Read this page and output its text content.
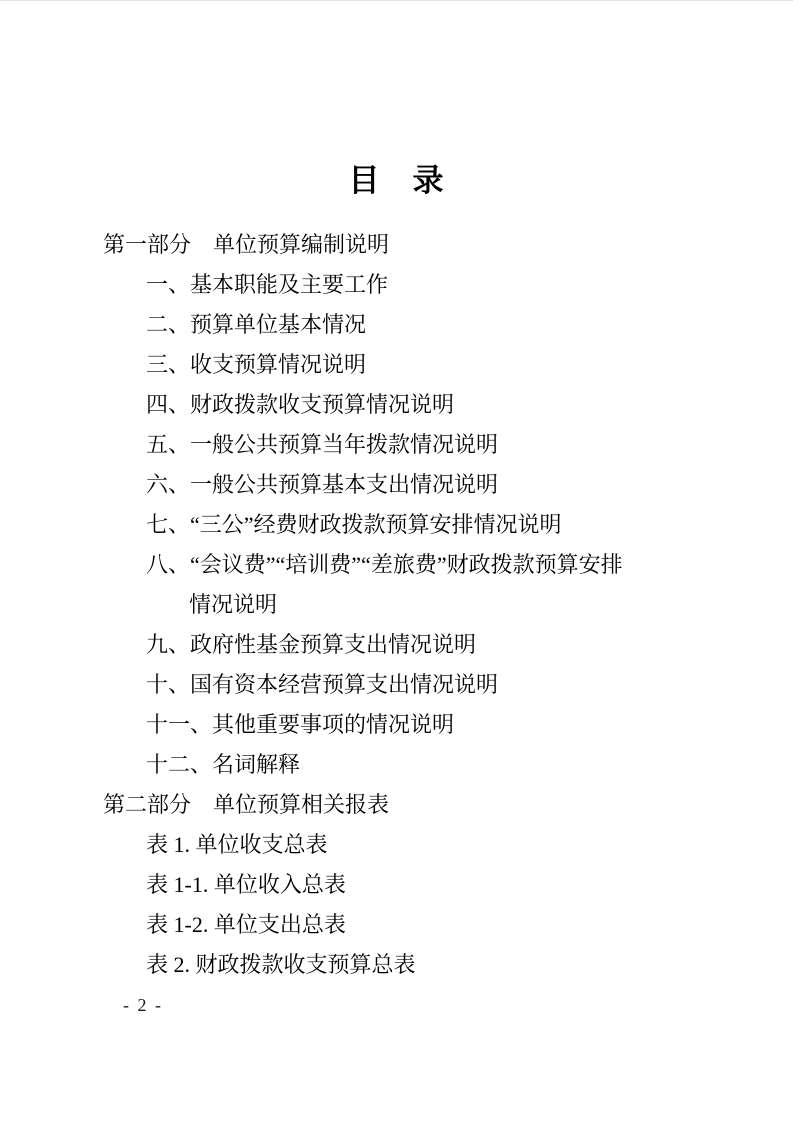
目　录
第一部分　单位预算编制说明
一、基本职能及主要工作
二、预算单位基本情况
三、收支预算情况说明
四、财政拨款收支预算情况说明
五、一般公共预算当年拨款情况说明
六、一般公共预算基本支出情况说明
七、“三公”经费财政拨款预算安排情况说明
八、“会议费”“培训费”“差旅费”财政拨款预算安排
情况说明
九、政府性基金预算支出情况说明
十、国有资本经营预算支出情况说明
十一、其他重要事项的情况说明
十二、名词解释
第二部分　单位预算相关报表
表 1. 单位收支总表
表 1-1. 单位收入总表
表 1-2. 单位支出总表
表 2. 财政拨款收支预算总表
- 2 -
